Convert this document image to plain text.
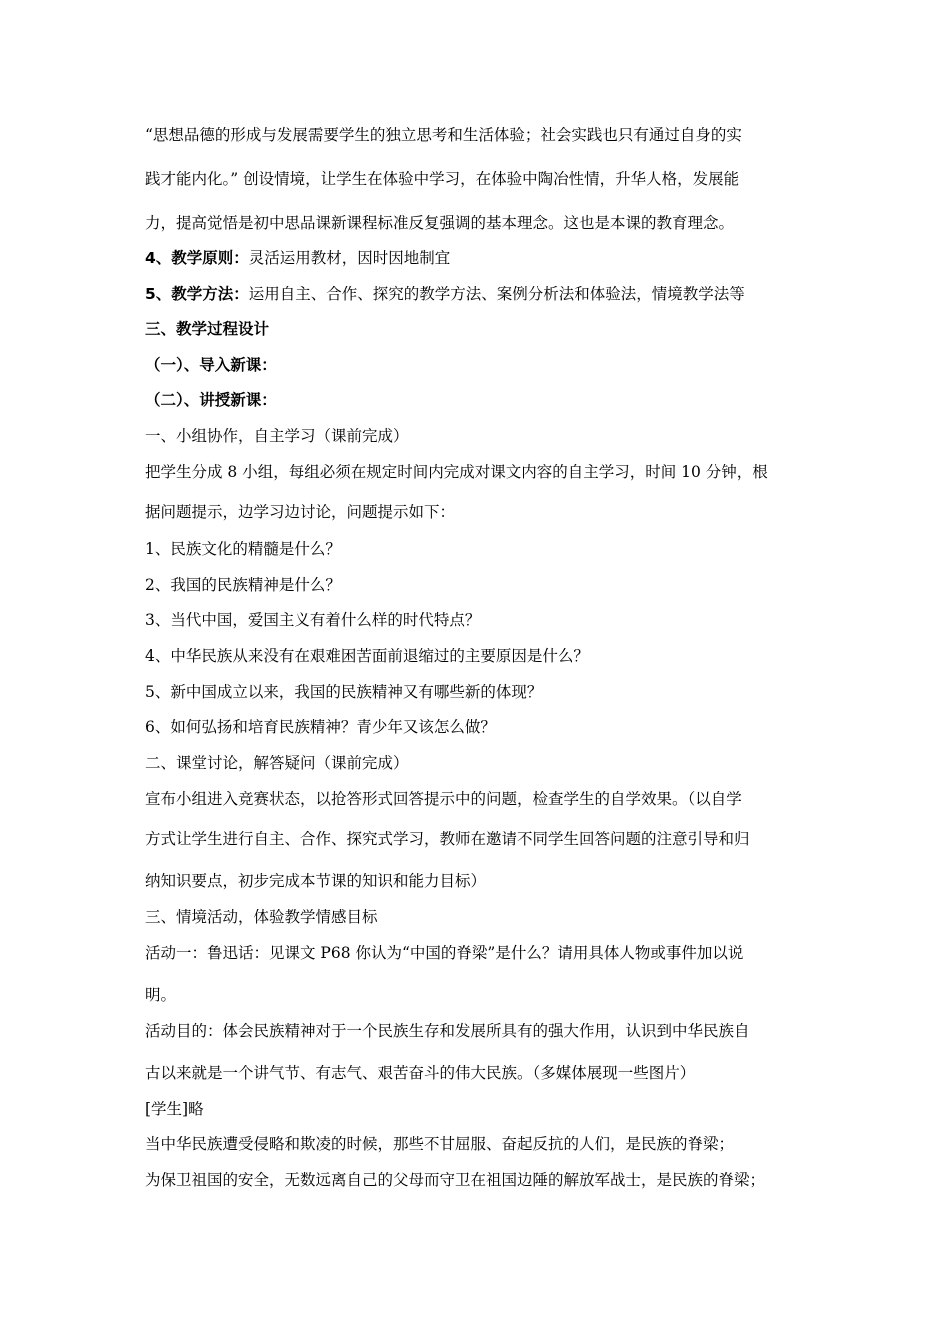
“思想品德的形成与发展需要学生的独立思考和生活体验；社会实践也只有通过自身的实
践才能内化。” 创设情境，让学生在体验中学习，在体验中陶冶性情，升华人格，发展能
力，提高觉悟是初中思品课新课程标准反复强调的基本理念。这也是本课的教育理念。
4、教学原则：灵活运用教材，因时因地制宜
5、教学方法：运用自主、合作、探究的教学方法、案例分析法和体验法，情境教学法等
三、教学过程设计
（一）、导入新课：
（二）、讲授新课：
一、小组协作，自主学习（课前完成）
把学生分成 8 小组，每组必须在规定时间内完成对课文内容的自主学习，时间 10 分钟，根
据问题提示，边学习边讨论，问题提示如下：
1、民族文化的精髓是什么？
2、我国的民族精神是什么？
3、当代中国，爱国主义有着什么样的时代特点？
4、中华民族从来没有在艰难困苦面前退缩过的主要原因是什么？
5、新中国成立以来，我国的民族精神又有哪些新的体现？
6、如何弘扬和培育民族精神？青少年又该怎么做？
二、课堂讨论，解答疑问（课前完成）
宣布小组进入竞赛状态，以抢答形式回答提示中的问题，检查学生的自学效果。（以自学
方式让学生进行自主、合作、探究式学习，教师在邀请不同学生回答问题的注意引导和归
纳知识要点，初步完成本节课的知识和能力目标）
三、情境活动，体验教学情感目标
活动一：鲁迅话：见课文 P68 你认为“中国的脊梁”是什么？请用具体人物或事件加以说
明。
活动目的：体会民族精神对于一个民族生存和发展所具有的强大作用，认识到中华民族自
古以来就是一个讲气节、有志气、艰苦奋斗的伟大民族。（多媒体展现一些图片）
[学生]略
当中华民族遭受侵略和欺凌的时候，那些不甘屈服、奋起反抗的人们，是民族的脊梁；
为保卫祖国的安全，无数远离自己的父母而守卫在祖国边陲的解放军战士，是民族的脊梁；
